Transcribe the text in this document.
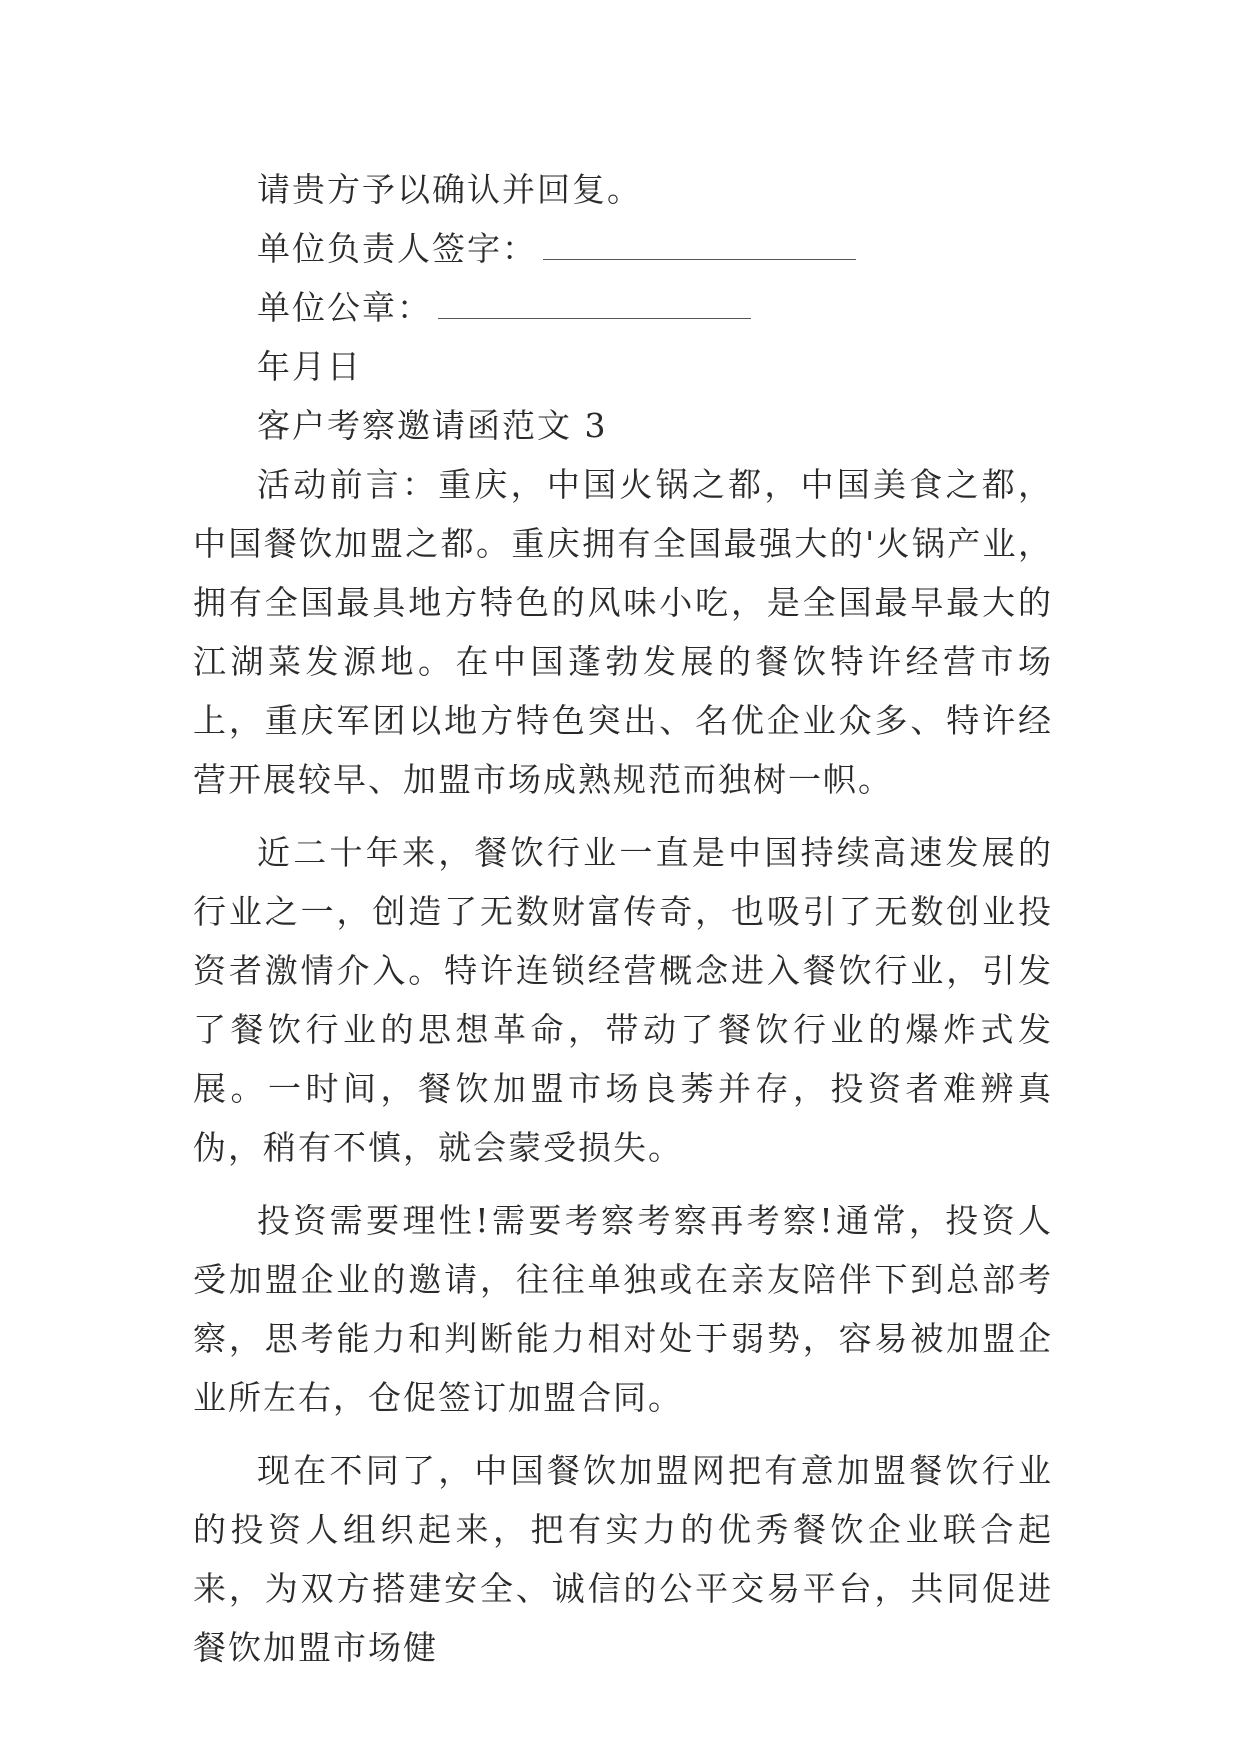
请贵方予以确认并回复。

单位负责人签字：

单位公章：

年月日

客户考察邀请函范文 3

活动前言：重庆，中国火锅之都，中国美食之都，中国餐饮加盟之都。重庆拥有全国最强大的'火锅产业，拥有全国最具地方特色的风味小吃，是全国最早最大的江湖菜发源地。在中国蓬勃发展的餐饮特许经营市场上，重庆军团以地方特色突出、名优企业众多、特许经营开展较早、加盟市场成熟规范而独树一帜。

近二十年来，餐饮行业一直是中国持续高速发展的行业之一，创造了无数财富传奇，也吸引了无数创业投资者激情介入。特许连锁经营概念进入餐饮行业，引发了餐饮行业的思想革命，带动了餐饮行业的爆炸式发展。一时间，餐饮加盟市场良莠并存，投资者难辨真伪，稍有不慎，就会蒙受损失。

投资需要理性!需要考察考察再考察!通常，投资人受加盟企业的邀请，往往单独或在亲友陪伴下到总部考察，思考能力和判断能力相对处于弱势，容易被加盟企业所左右，仓促签订加盟合同。

现在不同了，中国餐饮加盟网把有意加盟餐饮行业的投资人组织起来，把有实力的优秀餐饮企业联合起来，为双方搭建安全、诚信的公平交易平台，共同促进餐饮加盟市场健
